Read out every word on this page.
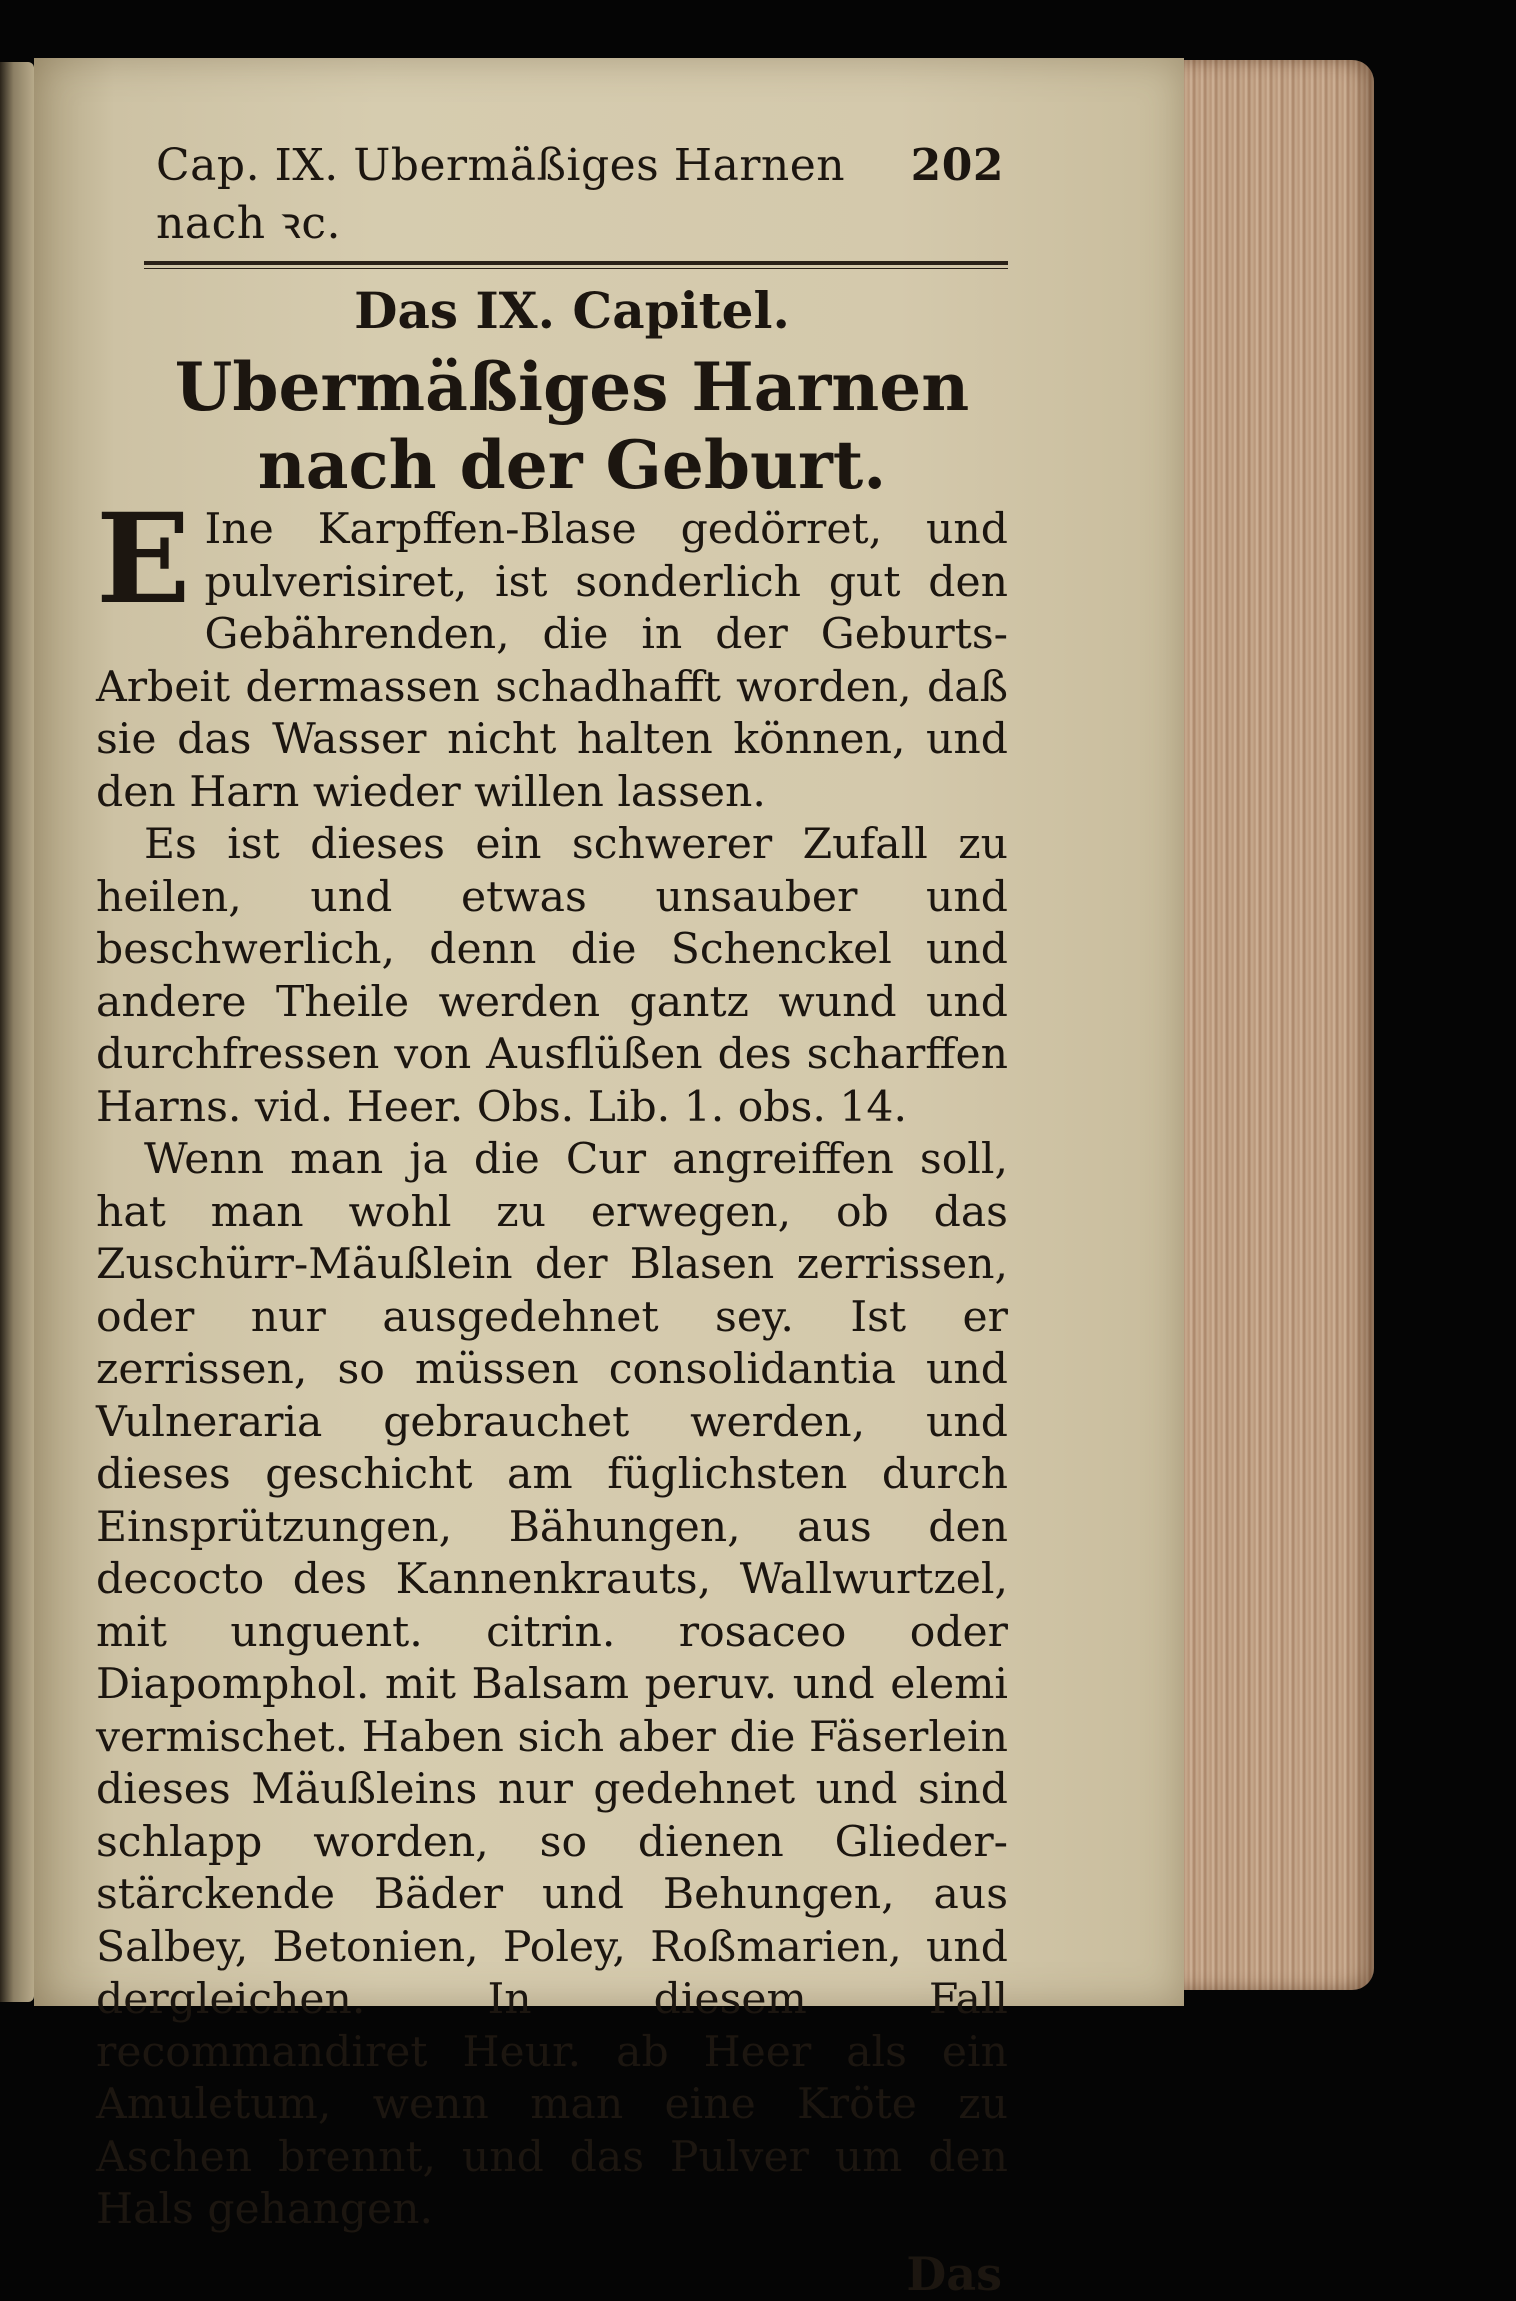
Cap. IX. Ubermäßiges Harnen nach ꝛc.
202
Das IX. Capitel.
Ubermäßiges Harnen nach der Geburt.

E Ine Karpffen-Blase gedörret, und pulverisiret, ist sonderlich gut den Gebährenden, die in der Geburts-Arbeit dermassen schadhafft worden, daß sie das Wasser nicht halten können, und den Harn wieder willen lassen.

Es ist dieses ein schwerer Zufall zu heilen, und etwas unsauber und beschwerlich, denn die Schenckel und andere Theile werden gantz wund und durchfressen von Ausflüßen des scharffen Harns. vid. Heer. Obs. Lib. 1. obs. 14.

Wenn man ja die Cur angreiffen soll, hat man wohl zu erwegen, ob das Zuschürr-Mäußlein der Blasen zerrissen, oder nur ausgedehnet sey. Ist er zerrissen, so müssen consolidantia und Vulneraria gebrauchet werden, und dieses geschicht am füglichsten durch Einsprützungen, Bähungen, aus den decocto des Kannenkrauts, Wallwurtzel, mit unguent. citrin. rosaceo oder Diapomphol. mit Balsam peruv. und elemi vermischet. Haben sich aber die Fäserlein dieses Mäußleins nur gedehnet und sind schlapp worden, so dienen Glieder-stärckende Bäder und Behungen, aus Salbey, Betonien, Poley, Roßmarien, und dergleichen. In diesem Fall recommandiret Heur. ab Heer als ein Amuletum, wenn man eine Kröte zu Aschen brennt, und das Pulver um den Hals gehangen.

Das
